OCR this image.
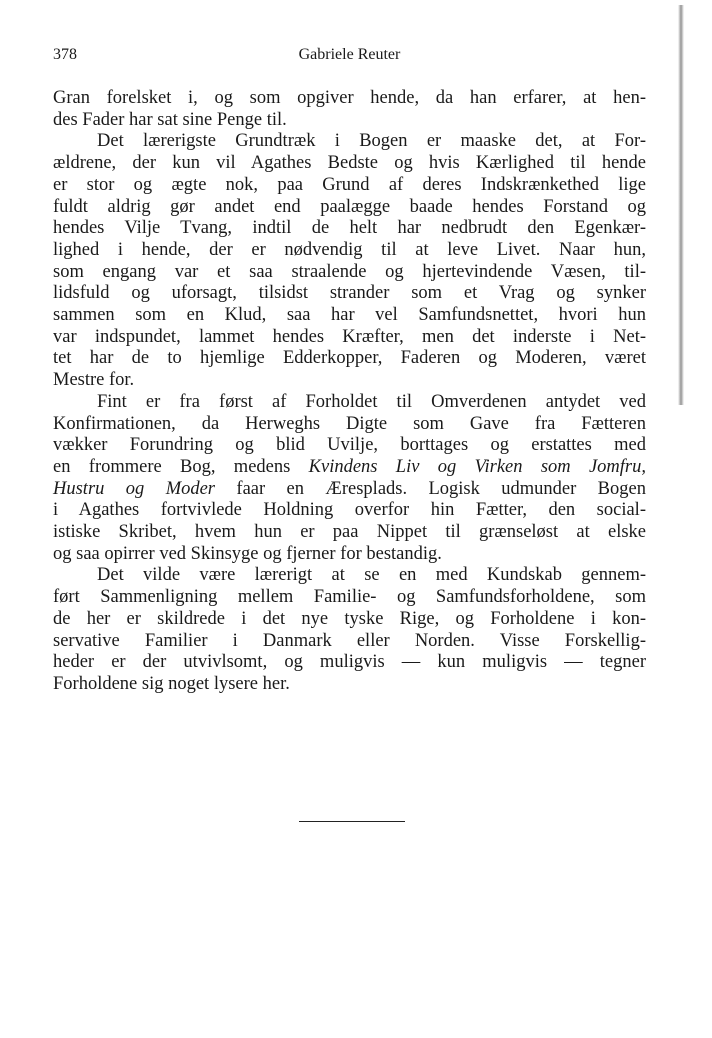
378	Gabriele Reuter
Gran forelsket i, og som opgiver hende, da han erfarer, at hen-
des Fader har sat sine Penge til.
Det lærerigste Grundtræk i Bogen er maaske det, at For-
ældrene, der kun vil Agathes Bedste og hvis Kærlighed til hende
er stor og ægte nok, paa Grund af deres Indskrænkethed lige
fuldt aldrig gør andet end paalægge baade hendes Forstand og
hendes Vilje Tvang, indtil de helt har nedbrudt den Egenkær-
lighed i hende, der er nødvendig til at leve Livet. Naar hun,
som engang var et saa straalende og hjertevindende Væsen, til-
lidsfuld og uforsagt, tilsidst strander som et Vrag og synker
sammen som en Klud, saa har vel Samfundsnettet, hvori hun
var indspundet, lammet hendes Kræfter, men det inderste i Net-
tet har de to hjemlige Edderkopper, Faderen og Moderen, været
Mestre for.
Fint er fra først af Forholdet til Omverdenen antydet ved
Konfirmationen, da Herweghs Digte som Gave fra Fætteren
vækker Forundring og blid Uvilje, borttages og erstattes med
en frommere Bog, medens Kvindens Liv og Virken som Jomfru,
Hustru og Moder faar en Æresplads. Logisk udmunder Bogen
i Agathes fortvivlede Holdning overfor hin Fætter, den social-
istiske Skribet, hvem hun er paa Nippet til grænseløst at elske
og saa opirrer ved Skinsyge og fjerner for bestandig.
Det vilde være lærerigt at se en med Kundskab gennem-
ført Sammenligning mellem Familie- og Samfundsforholdene, som
de her er skildrede i det nye tyske Rige, og Forholdene i kon-
servative Familier i Danmark eller Norden. Visse Forskellig-
heder er der utvivlsomt, og muligvis — kun muligvis — tegner
Forholdene sig noget lysere her.
